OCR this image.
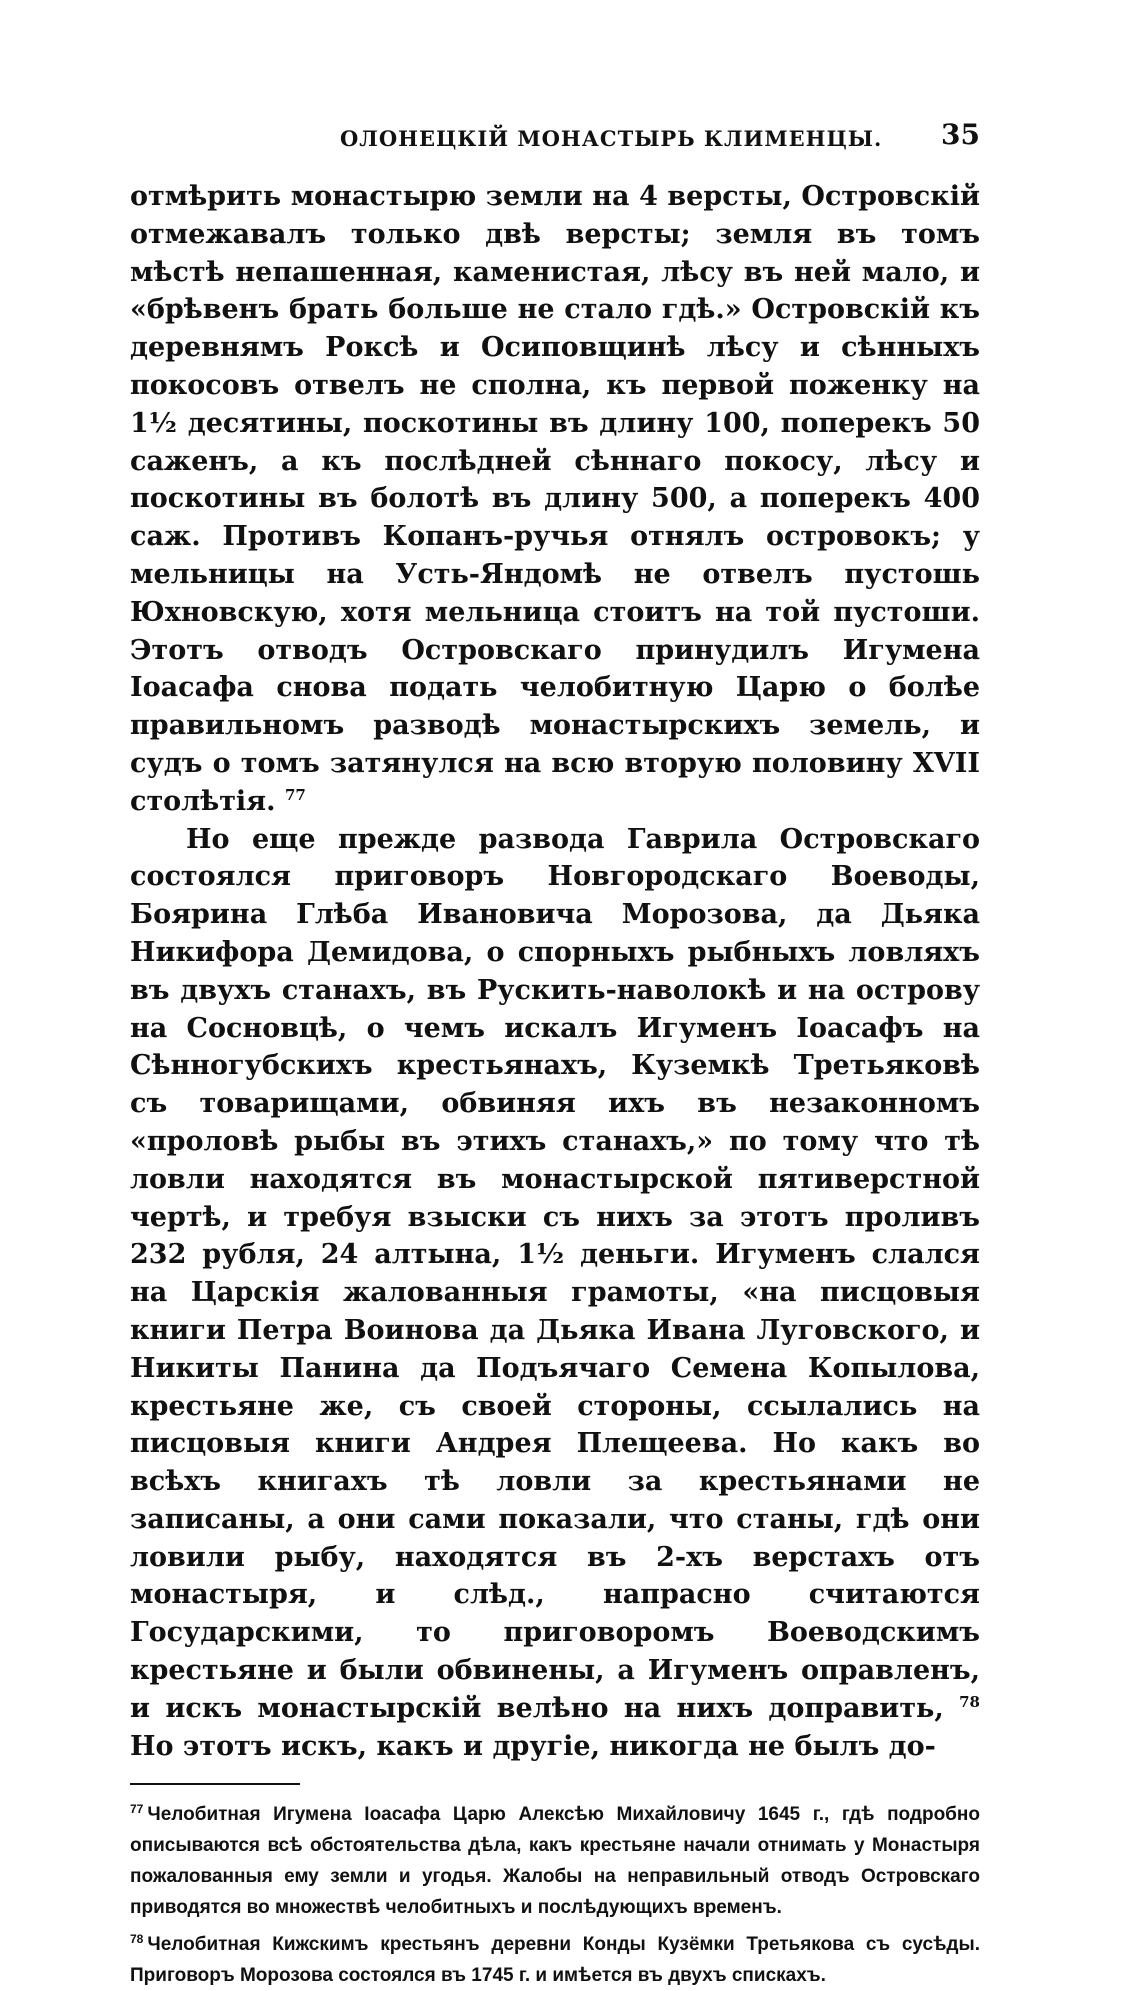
ОЛОНЕЦКІЙ МОНАСТЫРЬ КЛИМЕНЦЫ. 35

отмѣрить монастырю земли на 4 версты, Островскій отмежавалъ только двѣ версты; земля въ томъ мѣстѣ непашенная, каменистая, лѣсу въ ней мало, и «брѣвенъ брать больше не стало гдѣ.» Островскій къ деревнямъ Роксѣ и Осиповщинѣ лѣсу и сѣнныхъ покосовъ отвелъ не сполна, къ первой поженку на 1½ десятины, поскотины въ длину 100, поперекъ 50 саженъ, а къ послѣдней сѣннаго покосу, лѣсу и поскотины въ болотѣ въ длину 500, а поперекъ 400 саж. Противъ Копанъ-ручья отнялъ островокъ; у мельницы на Усть-Яндомѣ не отвелъ пустошь Юхновскую, хотя мельница стоитъ на той пустоши. Этотъ отводъ Островскаго принудилъ Игумена Іоасафа снова подать челобитную Царю о болѣе правильномъ разводѣ монастырскихъ земель, и судъ о томъ затянулся на всю вторую половину XVII столѣтія. $^{77}$

Но еще прежде развода Гаврила Островскаго состоялся приговоръ Новгородскаго Воеводы, Боярина Глѣба Ивановича Морозова, да Дьяка Никифора Демидова, о спорныхъ рыбныхъ ловляхъ въ двухъ станахъ, въ Рускить-наволокѣ и на острову на Сосновцѣ, о чемъ искалъ Игуменъ Іоасафъ на Сѣнногубскихъ крестьянахъ, Куземкѣ Третьяковѣ съ товарищами, обвиняя ихъ въ незаконномъ «проловѣ рыбы въ этихъ станахъ,» по тому что тѣ ловли находятся въ монастырской пятиверстной чертѣ, и требуя взыски съ нихъ за этотъ проливъ 232 рубля, 24 алтына, 1½ деньги. Игуменъ слался на Царскія жалованныя грамоты, «на писцовыя книги Петра Воинова да Дьяка Ивана Луговского, и Никиты Панина да Подъячаго Семена Копылова, крестьяне же, съ своей стороны, ссылались на писцовыя книги Андрея Плещеева. Но какъ во всѣхъ книгахъ тѣ ловли за крестьянами не записаны, а они сами показали, что станы, гдѣ они ловили рыбу, находятся въ 2-хъ верстахъ отъ монастыря, и слѣд., напрасно считаются Государскими, то приговоромъ Воеводскимъ крестьяне и были обвинены, а Игуменъ оправленъ, и искъ монастырскій велѣно на нихъ доправить, $^{78}$ Но этотъ искъ, какъ и другіе, никогда не былъ до-

$^{77}$ Челобитная Игумена Іоасафа Царю Алексѣю Михайловичу 1645 г., гдѣ подробно описываются всѣ обстоятельства дѣла, какъ крестьяне начали отнимать у Монастыря пожалованныя ему земли и угодья. Жалобы на неправильный отводъ Островскаго приводятся во множествѣ челобитныхъ и послѣдующихъ временъ.

$^{78}$ Челобитная Кижскимъ крестьянъ деревни Конды Кузёмки Третьякова съ сусѣды. Приговоръ Морозова состоялся въ 1745 г. и имѣется въ двухъ спискахъ.
